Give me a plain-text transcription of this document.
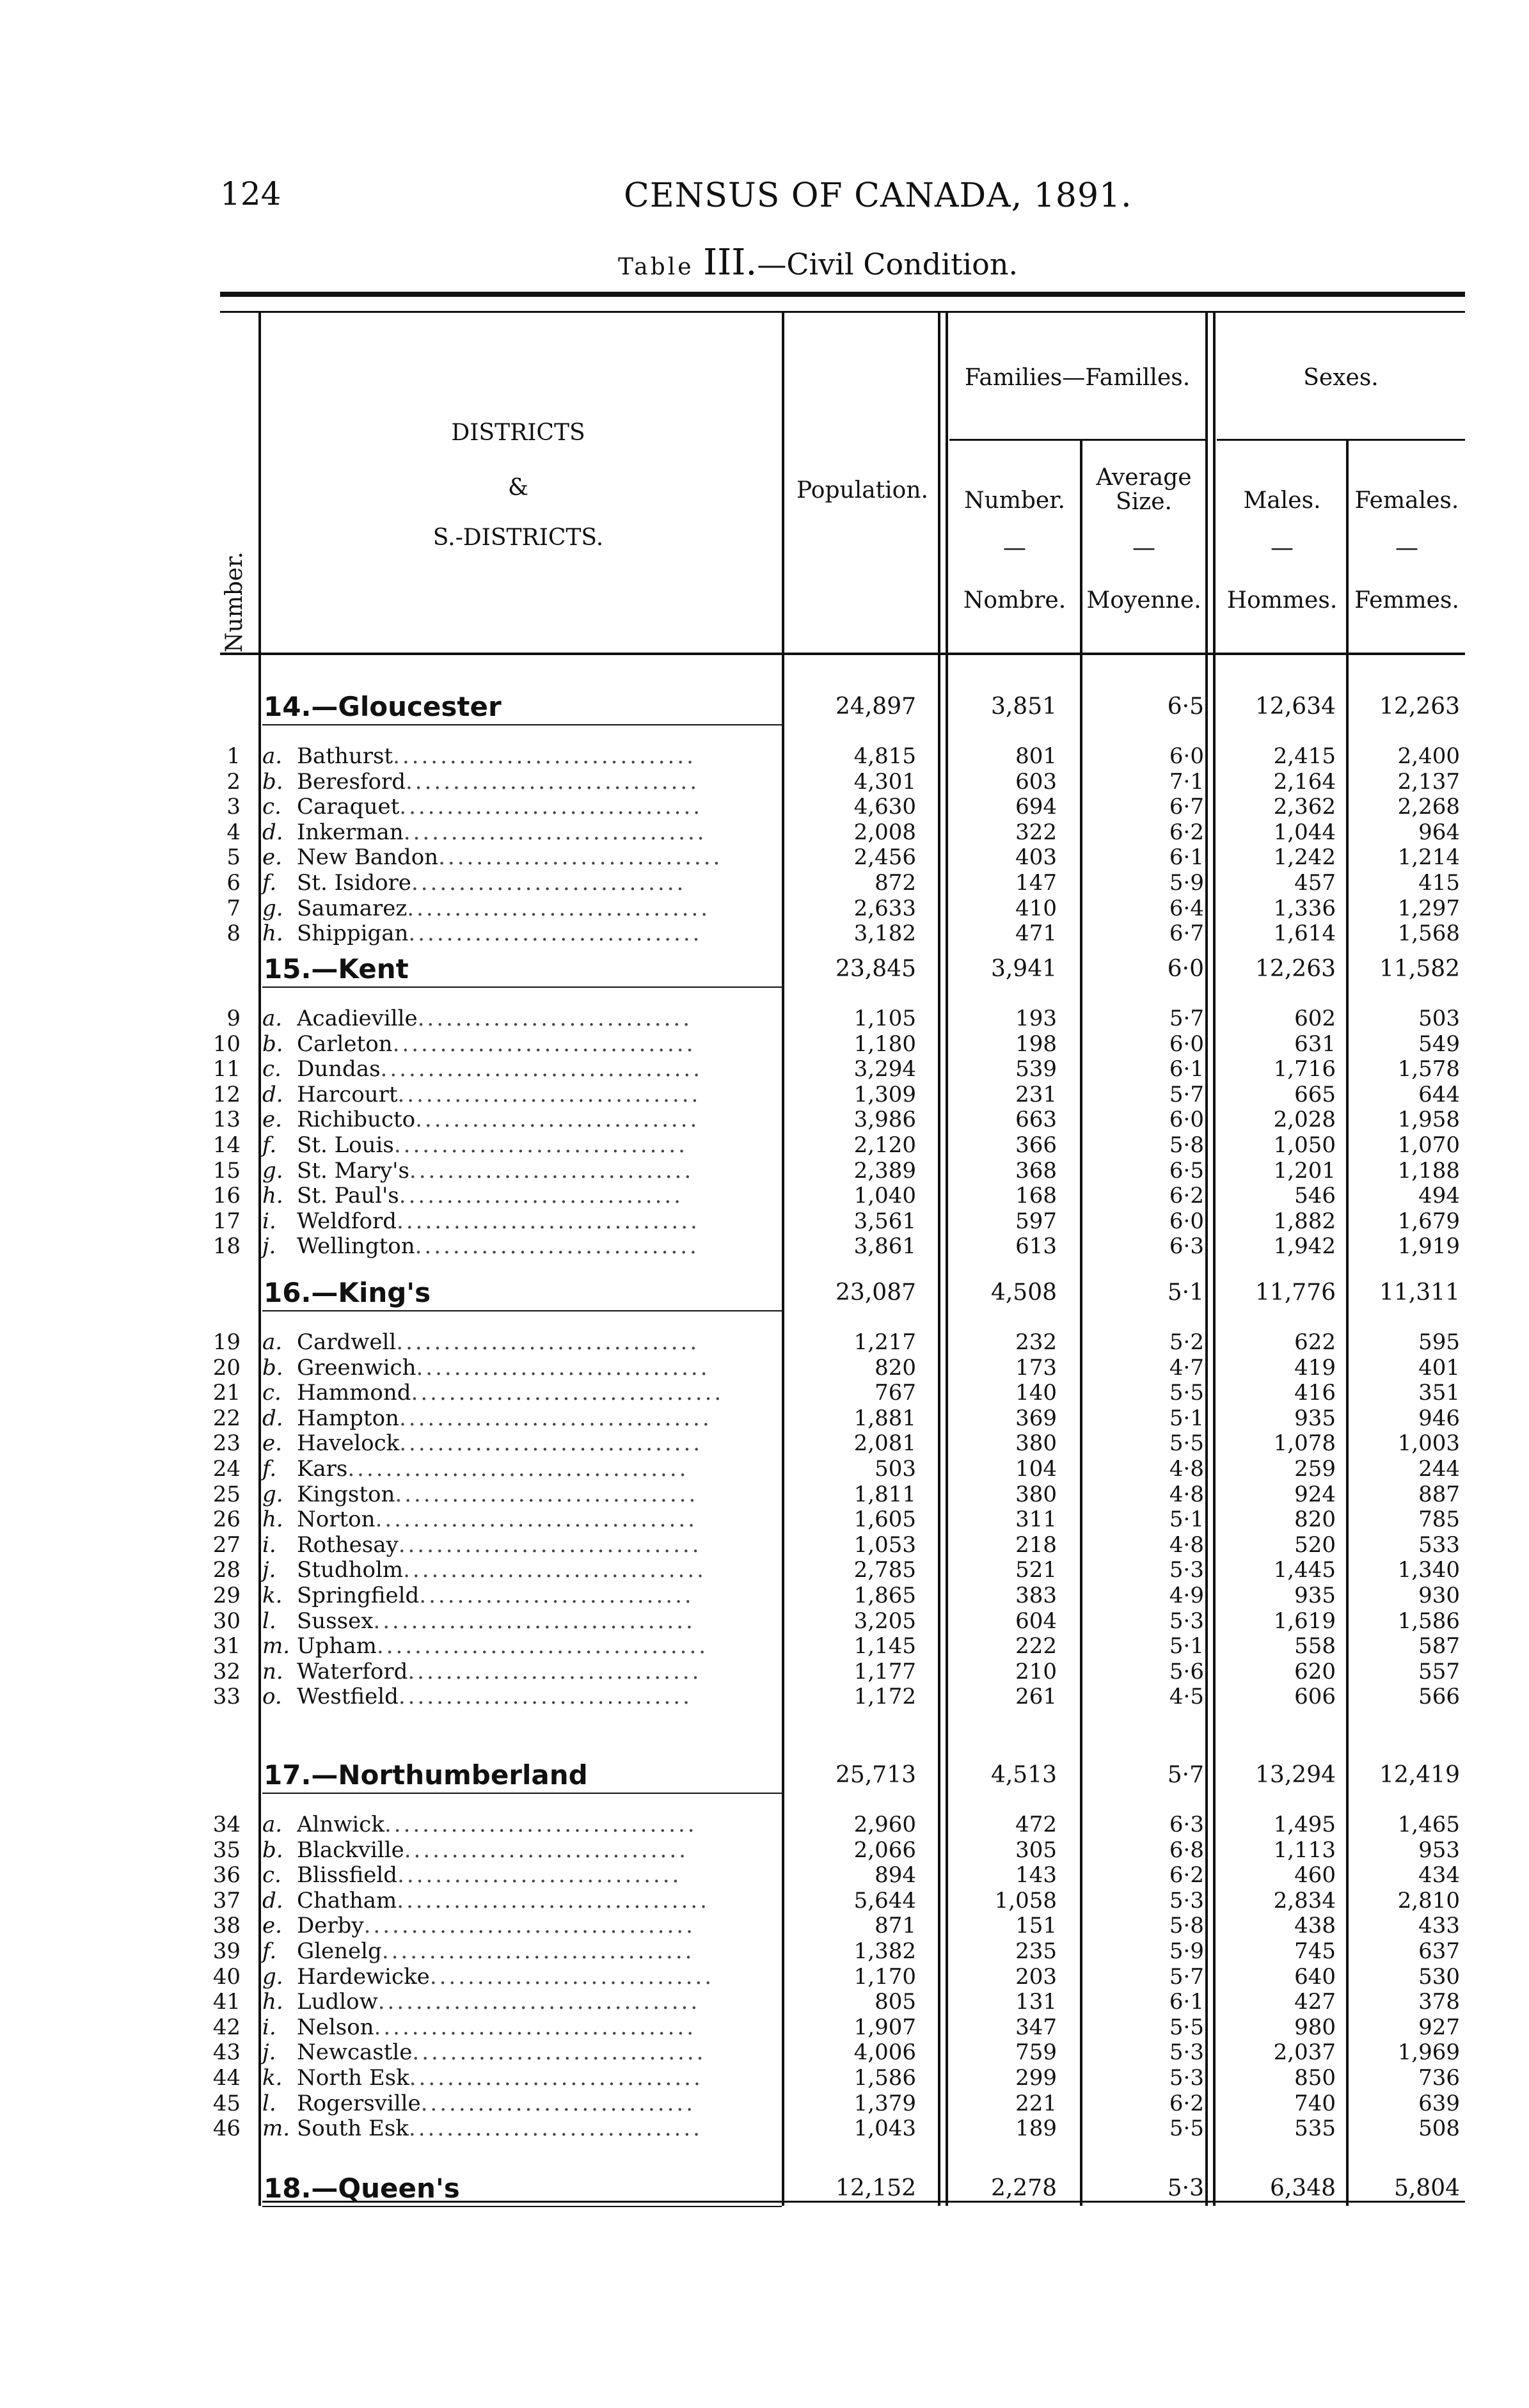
124	CENSUS OF CANADA, 1891.
Table III.—Civil Condition.
Number.
DISTRICTS
&
S.-DISTRICTS.
Population.
Families—Familles.
Number.
—
Nombre.
Average
Size.
—
Moyenne.
Sexes.
Males.
—
Hommes.
Females.
—
Femmes.
14.—Gloucester	24,897	3,851	6·5 12,634 12,263
1 a. Bathurst................................	4,815	801	6·0	2,415	2,400
2 b. Beresford...............................	4,301	603	7·1	2,164	2,137
3 c. Caraquet................................	4,630	694	6·7	2,362	2,268
4 d. Inkerman................................	2,008	322	6·2	1,044	964
5 e. New Bandon..............................	2,456	403	6·1	1,242	1,214
6 f. St. Isidore.............................	872	147	5·9	457	415
7 g. Saumarez................................	2,633	410	6·4	1,336	1,297
8 h. Shippigan...............................	3,182	471	6·7	1,614	1,568
15.—Kent	23,845	3,941	6·0 12,263 11,582
9 a. Acadieville.............................	1,105	193	5·7	602	503
10 b. Carleton................................	1,180	198	6·0	631	549
11 c. Dundas..................................	3,294	539	6·1	1,716	1,578
12 d. Harcourt................................	1,309	231	5·7	665	644
13 e. Richibucto..............................	3,986	663	6·0	2,028	1,958
14 f. St. Louis...............................	2,120	366	5·8	1,050	1,070
15 g. St. Mary's..............................	2,389	368	6·5	1,201	1,188
16 h. St. Paul's..............................	1,040	168	6·2	546	494
17 i. Weldford................................	3,561	597	6·0	1,882	1,679
18 j. Wellington..............................	3,861	613	6·3	1,942	1,919
16.—King's	23,087	4,508	5·1 11,776 11,311
19 a. Cardwell................................	1,217	232	5·2	622	595
20 b. Greenwich...............................	820	173	4·7	419	401
21 c. Hammond.................................	767	140	5·5	416	351
22 d. Hampton.................................	1,881	369	5·1	935	946
23 e. Havelock................................	2,081	380	5·5	1,078	1,003
24 f. Kars....................................	503	104	4·8	259	244
25 g. Kingston................................	1,811	380	4·8	924	887
26 h. Norton..................................	1,605	311	5·1	820	785
27 i. Rothesay................................	1,053	218	4·8	520	533
28 j. Studholm................................	2,785	521	5·3	1,445	1,340
29 k. Springfield.............................	1,865	383	4·9	935	930
30 l. Sussex..................................	3,205	604	5·3	1,619	1,586
31 m. Upham...................................	1,145	222	5·1	558	587
32 n. Waterford...............................	1,177	210	5·6	620	557
33 o. Westfield...............................	1,172	261	4·5	606	566
17.—Northumberland	25,713	4,513	5·7 13,294 12,419
34 a. Alnwick.................................	2,960	472	6·3	1,495	1,465
35 b. Blackville..............................	2,066	305	6·8	1,113	953
36 c. Blissfield..............................	894	143	6·2	460	434
37 d. Chatham.................................	5,644	1,058	5·3	2,834	2,810
38 e. Derby...................................	871	151	5·8	438	433
39 f. Glenelg.................................	1,382	235	5·9	745	637
40 g. Hardewicke..............................	1,170	203	5·7	640	530
41 h. Ludlow..................................	805	131	6·1	427	378
42 i. Nelson..................................	1,907	347	5·5	980	927
43 j. Newcastle...............................	4,006	759	5·3	2,037	1,969
44 k. North Esk...............................	1,586	299	5·3	850	736
45 l. Rogersville.............................	1,379	221	6·2	740	639
46 m. South Esk...............................	1,043	189	5·5	535	508
18.—Queen's	12,152	2,278	5·3	6,348	5,804
